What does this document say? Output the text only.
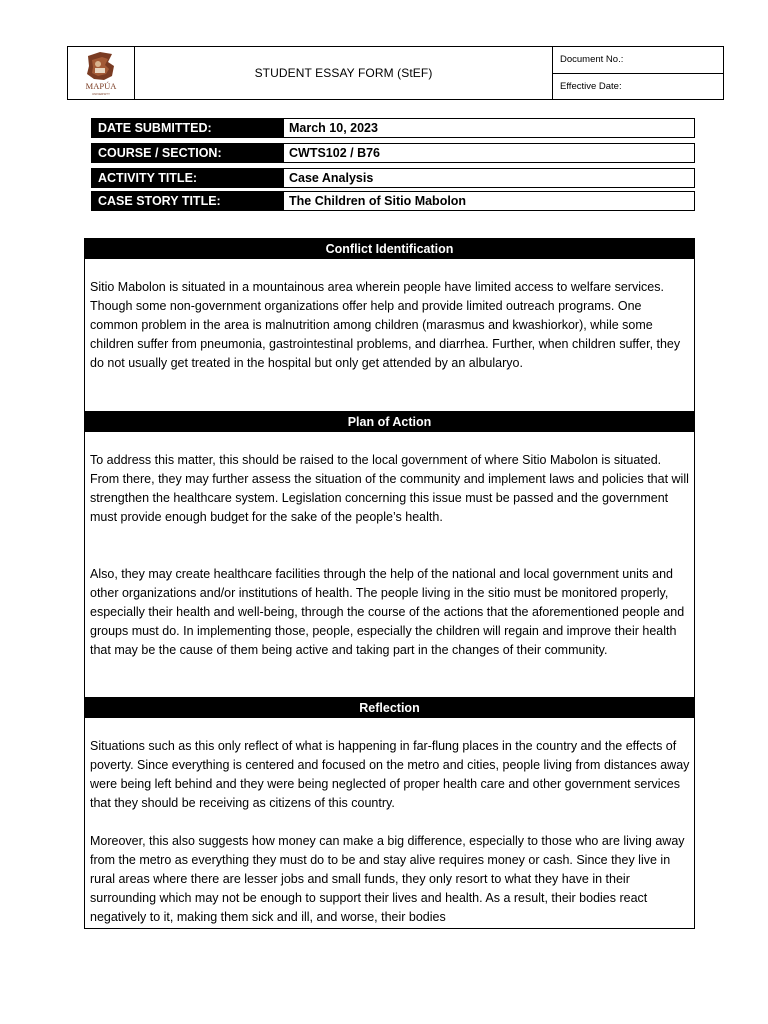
MAPÚA
UNIVERSITY
STUDENT ESSAY FORM (StEF)
Document No.:
Effective Date:
DATE SUBMITTED:	March 10, 2023
COURSE / SECTION:	CWTS102 / B76
ACTIVITY TITLE:	Case Analysis
CASE STORY TITLE:	The Children of Sitio Mabolon
Conflict Identification

Sitio Mabolon is situated in a mountainous area wherein people have limited access to welfare services. Though some non-government organizations offer help and provide limited outreach programs. One common problem in the area is malnutrition among children (marasmus and kwashiorkor), while some children suffer from pneumonia, gastrointestinal problems, and diarrhea. Further, when children suffer, they do not usually get treated in the hospital but only get attended by an albularyo.

Plan of Action

To address this matter, this should be raised to the local government of where Sitio Mabolon is situated. From there, they may further assess the situation of the community and implement laws and policies that will strengthen the healthcare system. Legislation concerning this issue must be passed and the government must provide enough budget for the sake of the people’s health.

Also, they may create healthcare facilities through the help of the national and local government units and other organizations and/or institutions of health. The people living in the sitio must be monitored properly, especially their health and well-being, through the course of the actions that the aforementioned people and groups must do. In implementing those, people, especially the children will regain and improve their health that may be the cause of them being active and taking part in the changes of their community.

Reflection

Situations such as this only reflect of what is happening in far-flung places in the country and the effects of poverty. Since everything is centered and focused on the metro and cities, people living from distances away were being left behind and they were being neglected of proper health care and other government services that they should be receiving as citizens of this country.

Moreover, this also suggests how money can make a big difference, especially to those who are living away from the metro as everything they must do to be and stay alive requires money or cash. Since they live in rural areas where there are lesser jobs and small funds, they only resort to what they have in their surrounding which may not be enough to support their lives and health. As a result, their bodies react negatively to it, making them sick and ill, and worse, their bodies
